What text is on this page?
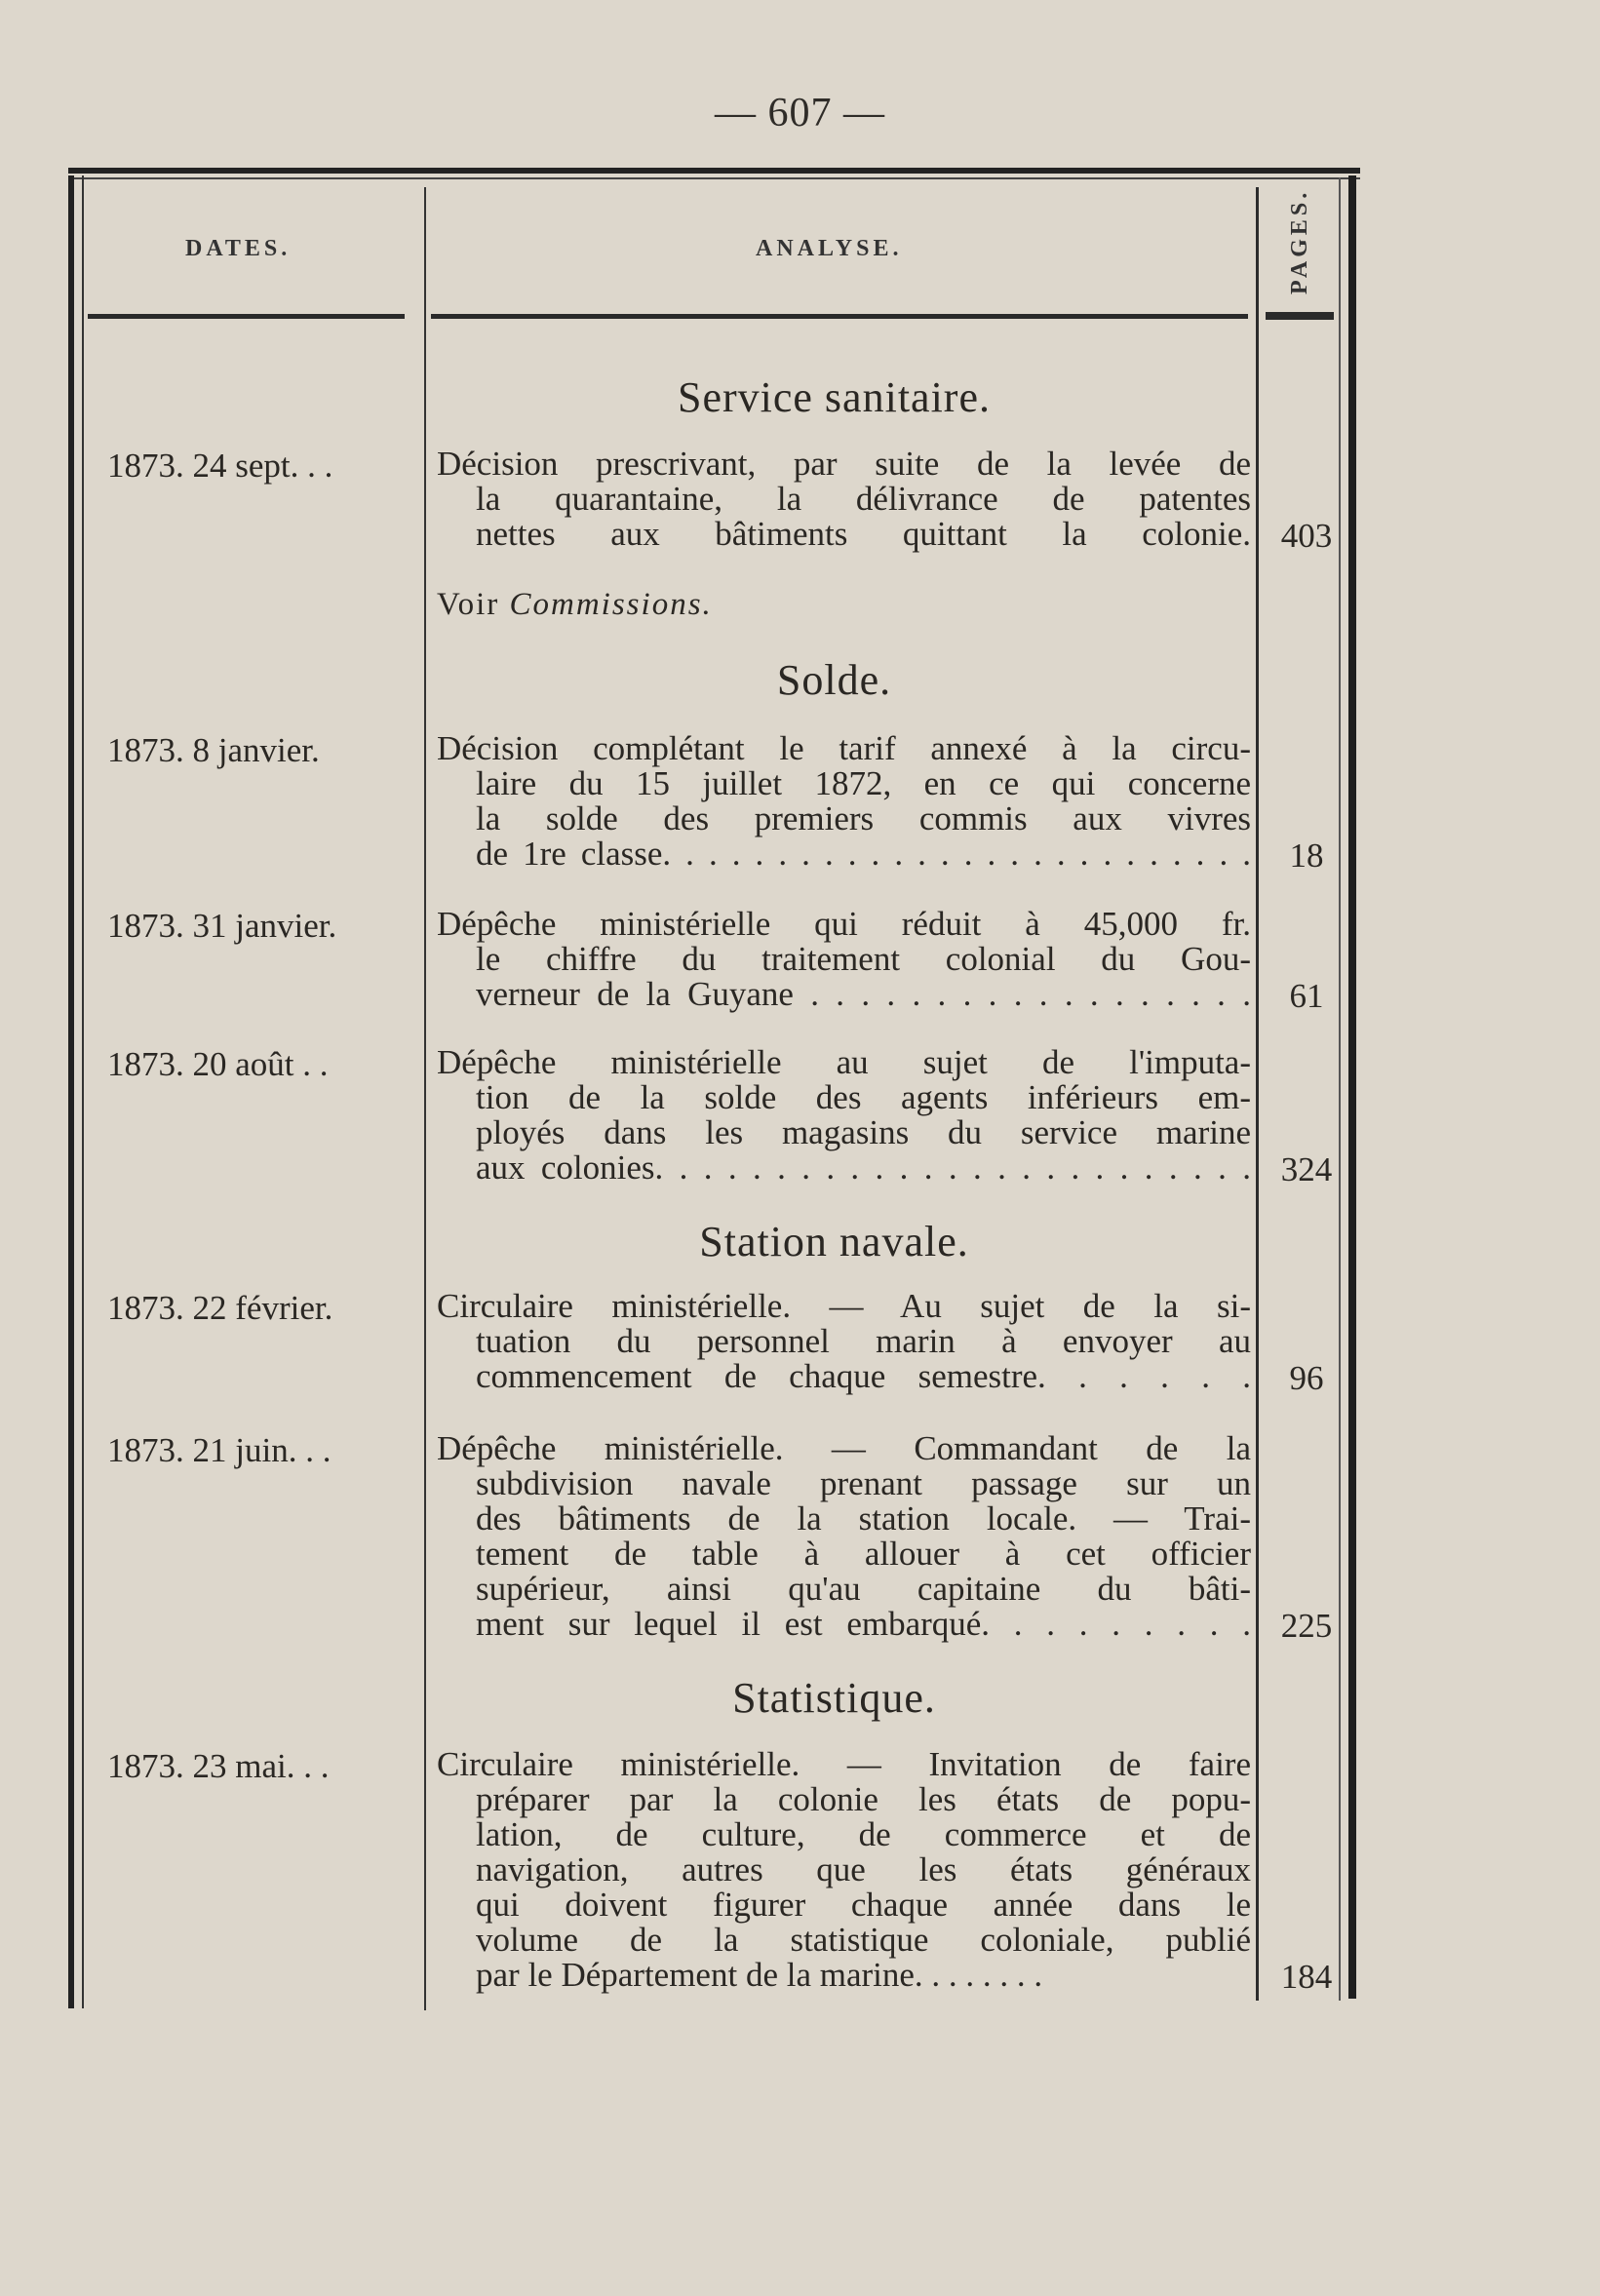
— 607 —
DATES.	ANALYSE.	PAGES.
Service sanitaire.
1873. 24 sept. . .	Décision prescrivant, par suite de la levée de
la quarantaine, la délivrance de patentes
nettes aux bâtiments quittant la colonie. 403
Voir Commissions.
Solde.
1873. 8 janvier.	Décision complétant le tarif annexé à la circu-
laire du 15 juillet 1872, en ce qui concerne
la solde des premiers commis aux vivres
de 1re classe. . . . . . . . . . . . . . . . . . . . . . . . . .	18
1873. 31 janvier.	Dépêche ministérielle qui réduit à 45,000 fr.
le chiffre du traitement colonial du Gou-
verneur de la Guyane . . . . . . . . . . . . . . . . . .	61
1873. 20 août . .	Dépêche ministérielle au sujet de l'imputa-
tion de la solde des agents inférieurs em-
ployés dans les magasins du service marine
aux colonies. . . . . . . . . . . . . . . . . . . . . . . . . 324
Station navale.
1873. 22 février.	Circulaire ministérielle. — Au sujet de la si-
tuation du personnel marin à envoyer au
commencement de chaque semestre. . . . . .	96
1873. 21 juin. . .	Dépêche ministérielle. — Commandant de la
subdivision navale prenant passage sur un
des bâtiments de la station locale. — Trai-
tement de table à allouer à cet officier
supérieur, ainsi qu'au capitaine du bâti-
ment sur lequel il est embarqué. . . . . . . . . 225
Statistique.
1873. 23 mai. . .	Circulaire ministérielle. — Invitation de faire
préparer par la colonie les états de popu-
lation, de culture, de commerce et de
navigation, autres que les états généraux
qui doivent figurer chaque année dans le
volume de la statistique coloniale, publié
par le Département de la marine. . . . . . . .	184
